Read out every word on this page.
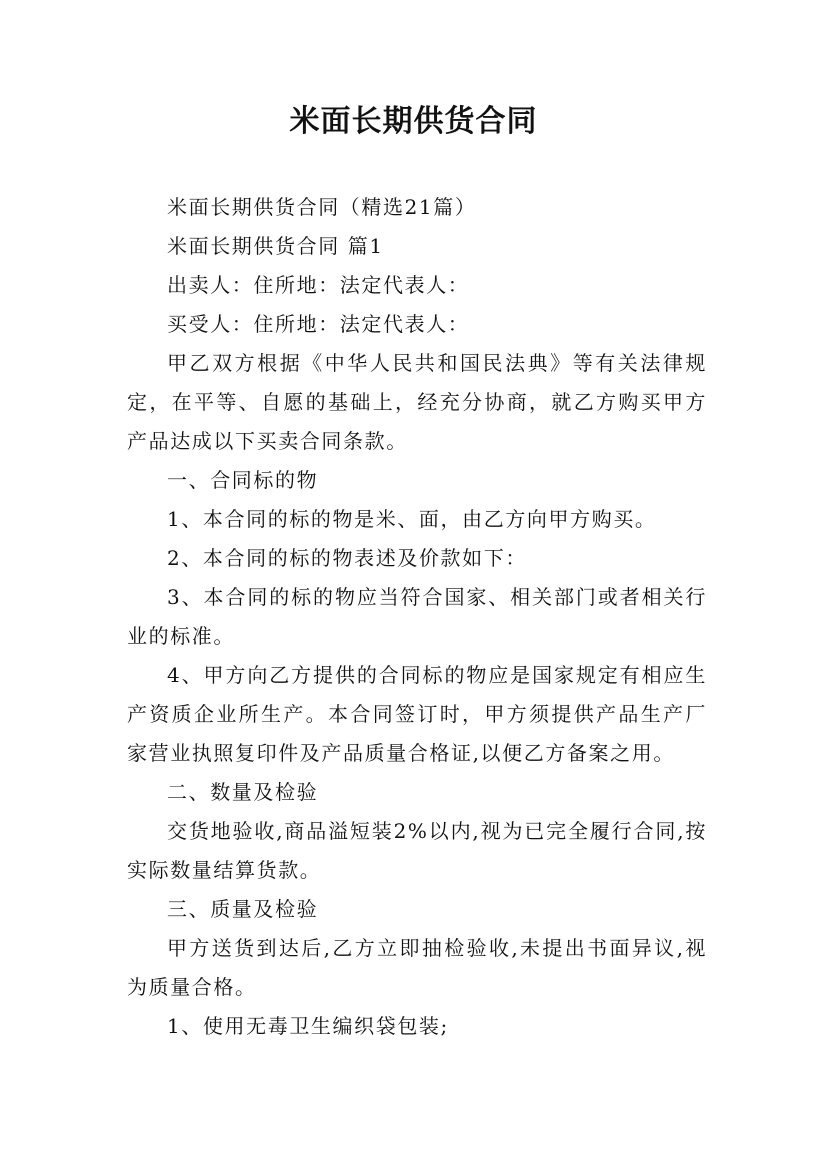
米面长期供货合同

米面长期供货合同（精选21篇）

米面长期供货合同 篇1

出卖人：住所地：法定代表人：

买受人：住所地：法定代表人：

甲乙双方根据《中华人民共和国民法典》等有关法律规定，在平等、自愿的基础上，经充分协商，就乙方购买甲方产品达成以下买卖合同条款。

一、合同标的物

1、本合同的标的物是米、面，由乙方向甲方购买。

2、本合同的标的物表述及价款如下：

3、本合同的标的物应当符合国家、相关部门或者相关行业的标准。

4、甲方向乙方提供的合同标的物应是国家规定有相应生产资质企业所生产。本合同签订时，甲方须提供产品生产厂家营业执照复印件及产品质量合格证,以便乙方备案之用。

二、数量及检验

交货地验收,商品溢短装2%以内,视为已完全履行合同,按实际数量结算货款。

三、质量及检验

甲方送货到达后,乙方立即抽检验收,未提出书面异议,视为质量合格。

1、使用无毒卫生编织袋包装;
